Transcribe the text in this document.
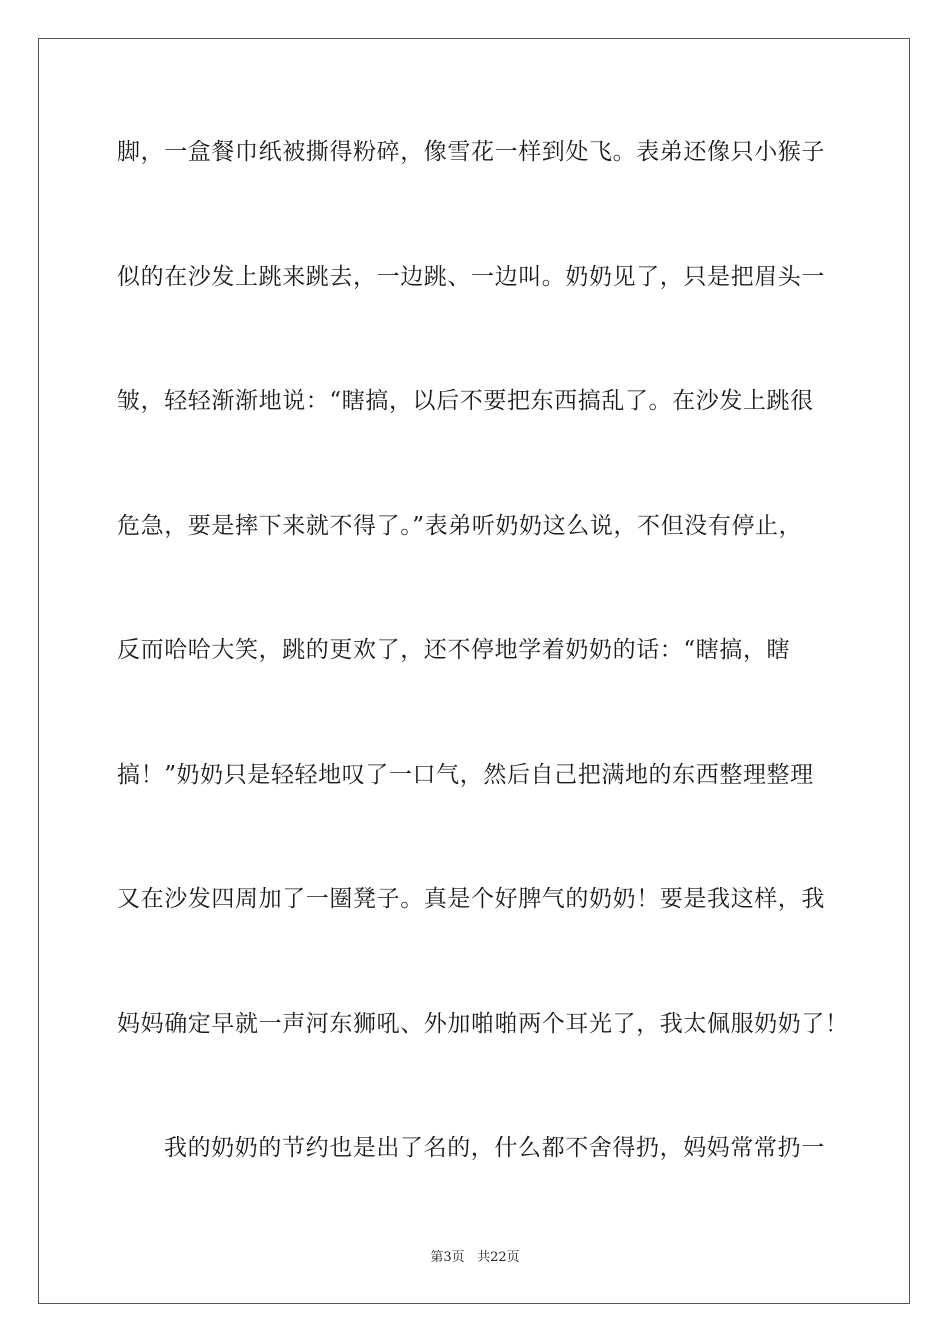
脚，一盒餐巾纸被撕得粉碎，像雪花一样到处飞。表弟还像只小猴子
似的在沙发上跳来跳去，一边跳、一边叫。奶奶见了，只是把眉头一
皱，轻轻渐渐地说：“瞎搞，以后不要把东西搞乱了。在沙发上跳很
危急，要是摔下来就不得了。”表弟听奶奶这么说，不但没有停止，
反而哈哈大笑，跳的更欢了，还不停地学着奶奶的话：“瞎搞，瞎
搞！”奶奶只是轻轻地叹了一口气，然后自己把满地的东西整理整理
又在沙发四周加了一圈凳子。真是个好脾气的奶奶！要是我这样，我
妈妈确定早就一声河东狮吼、外加啪啪两个耳光了，我太佩服奶奶了！
我的奶奶的节约也是出了名的，什么都不舍得扔，妈妈常常扔一
第3页 共22页
